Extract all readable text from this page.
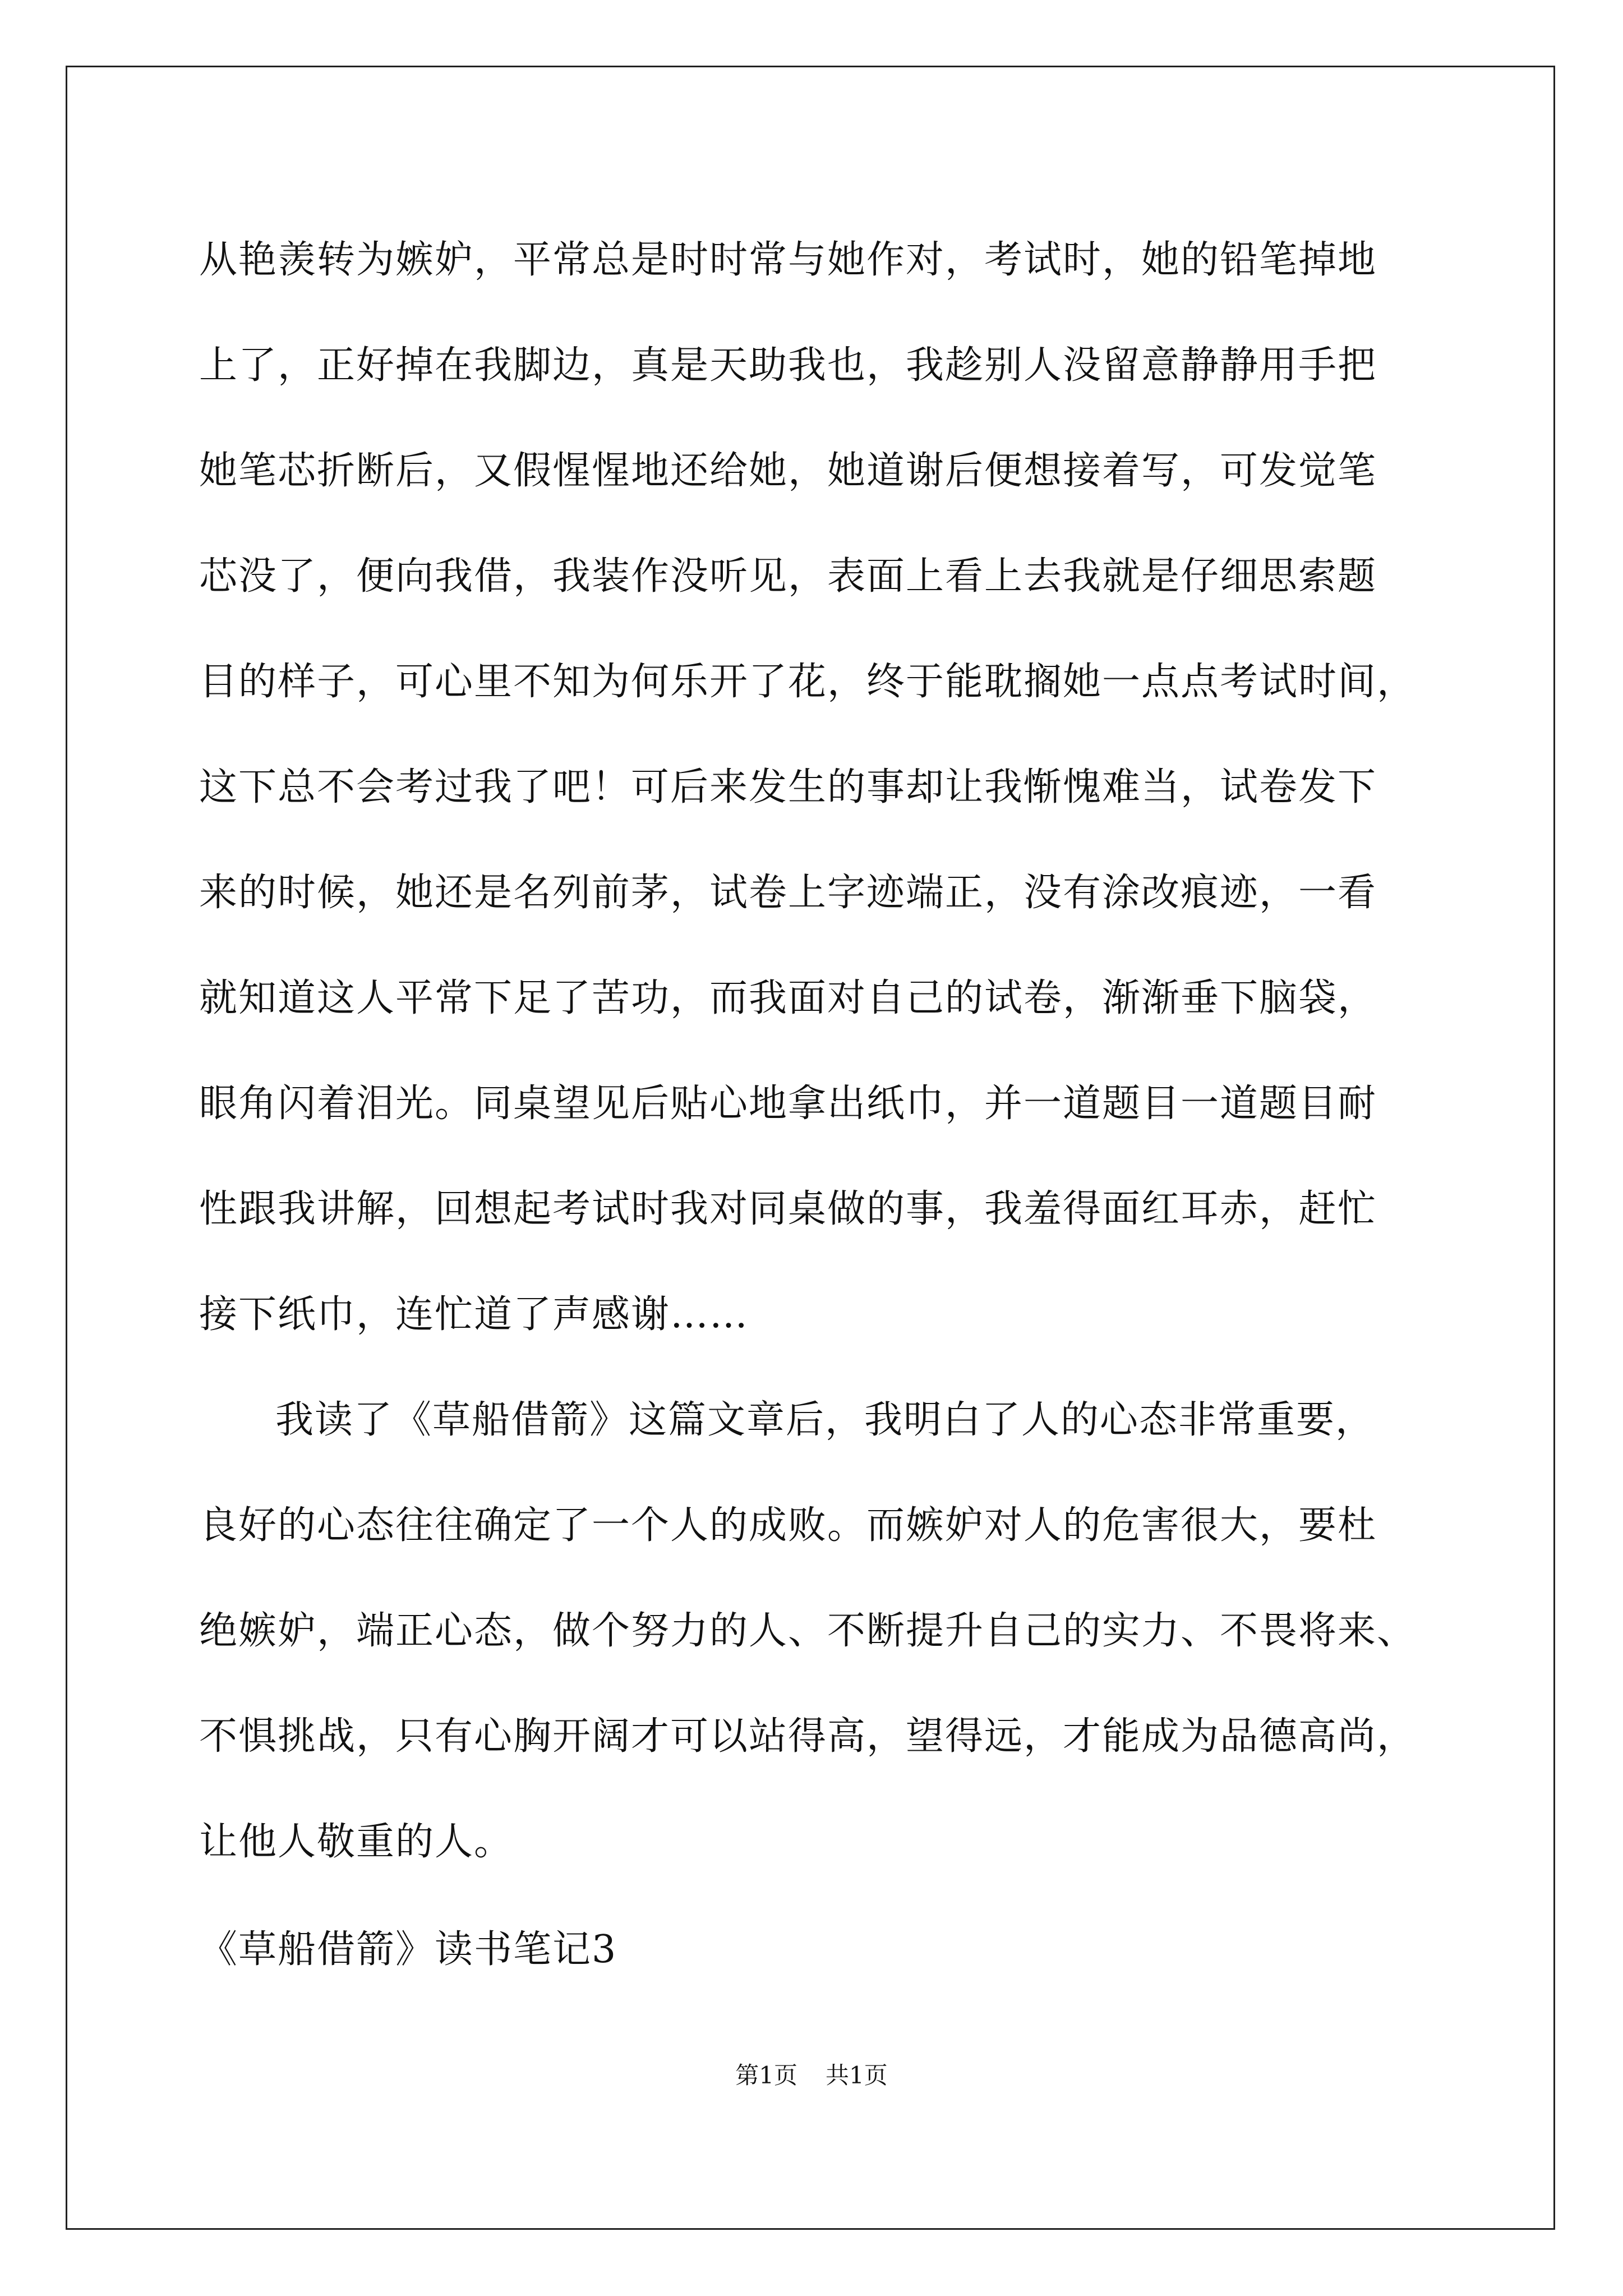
从艳羡转为嫉妒，平常总是时时常与她作对，考试时，她的铅笔掉地
上了，正好掉在我脚边，真是天助我也，我趁别人没留意静静用手把
她笔芯折断后，又假惺惺地还给她，她道谢后便想接着写，可发觉笔
芯没了，便向我借，我装作没听见，表面上看上去我就是仔细思索题
目的样子，可心里不知为何乐开了花，终于能耽搁她一点点考试时间，
这下总不会考过我了吧！可后来发生的事却让我惭愧难当，试卷发下
来的时候，她还是名列前茅，试卷上字迹端正，没有涂改痕迹，一看
就知道这人平常下足了苦功，而我面对自己的试卷，渐渐垂下脑袋，
眼角闪着泪光。同桌望见后贴心地拿出纸巾，并一道题目一道题目耐
性跟我讲解，回想起考试时我对同桌做的事，我羞得面红耳赤，赶忙
接下纸巾，连忙道了声感谢……
我读了《草船借箭》这篇文章后，我明白了人的心态非常重要，
良好的心态往往确定了一个人的成败。而嫉妒对人的危害很大，要杜
绝嫉妒，端正心态，做个努力的人、不断提升自己的实力、不畏将来、
不惧挑战，只有心胸开阔才可以站得高，望得远，才能成为品德高尚，
让他人敬重的人。
《草船借箭》读书笔记3
第1页 共1页
